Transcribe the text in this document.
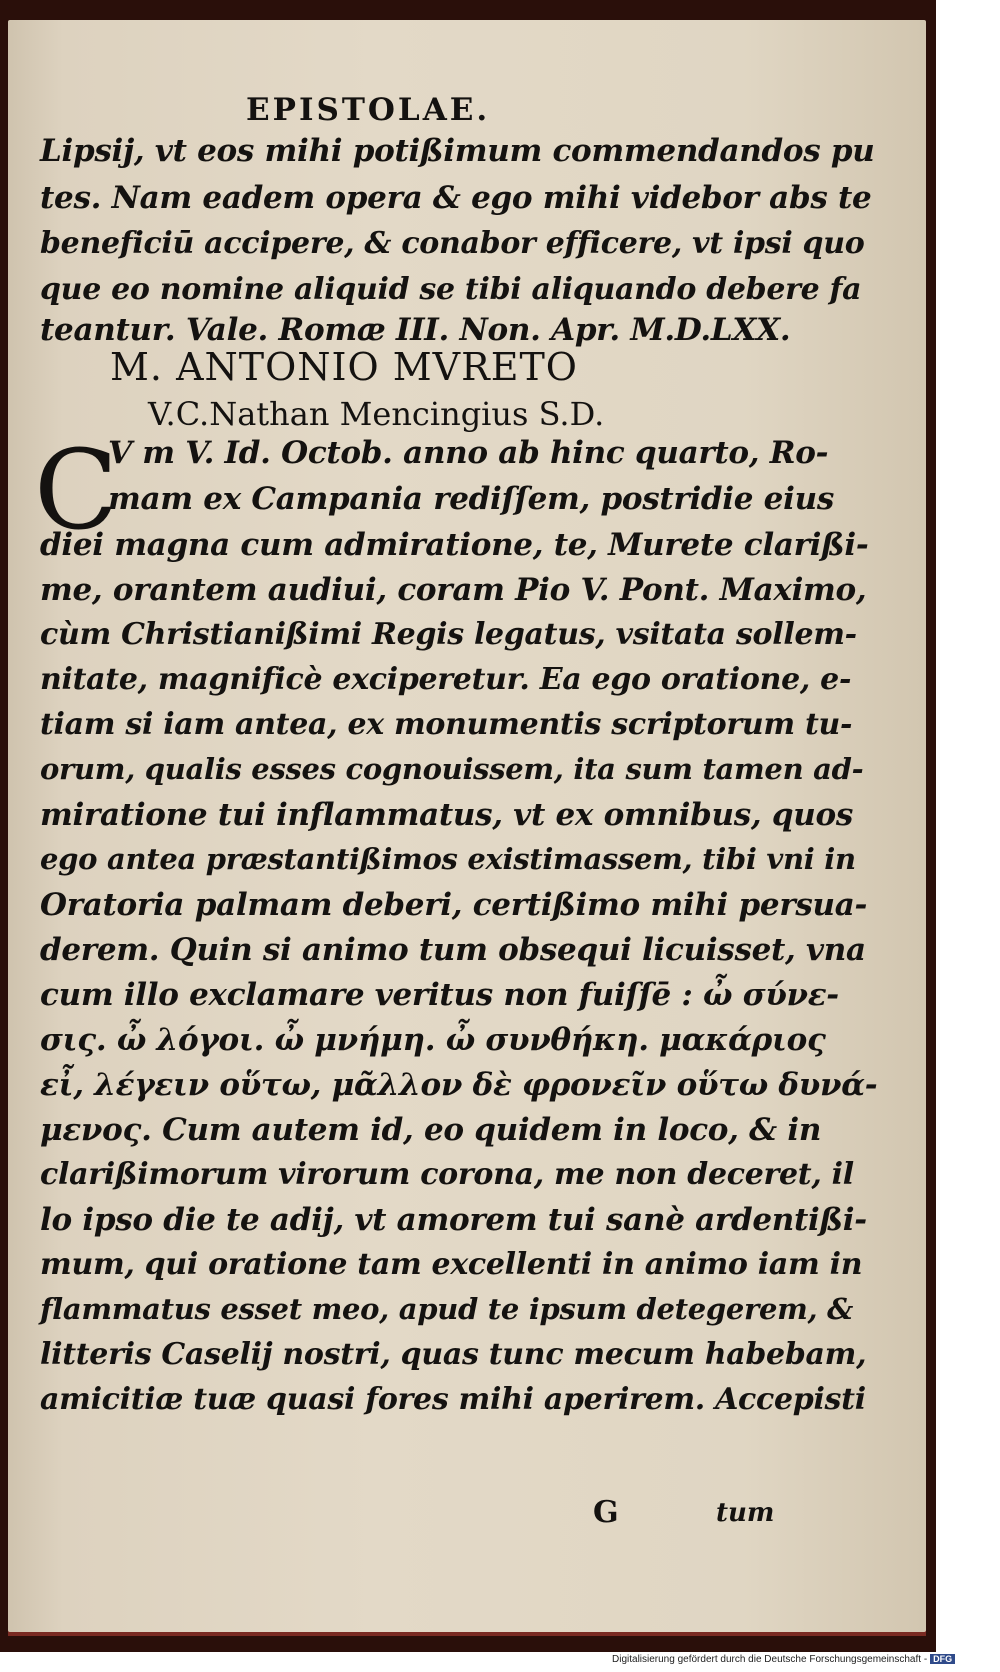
EPISTOLAE.
Lipsij, vt eos mihi potißimum commendandos pu
tes. Nam eadem opera & ego mihi videbor abs te
beneficiū accipere, & conabor efficere, vt ipsi quo
que eo nomine aliquid se tibi aliquando debere fa
teantur. Vale. Romæ III. Non. Apr. M.D.LXX.
M. ANTONIO MVRETO
V.C.Nathan Mencingius S.D.
C
V m V. Id. Octob. anno ab hinc quarto, Ro-
mam ex Campania rediſſem, postridie eius
diei magna cum admiratione, te, Murete clarißi-
me, orantem audiui, coram Pio V. Pont. Maximo,
cùm Christianißimi Regis legatus, vsitata sollem-
nitate, magnificè exciperetur. Ea ego oratione, e-
tiam si iam antea, ex monumentis scriptorum tu-
orum, qualis esses cognouissem, ita sum tamen ad-
miratione tui inflammatus, vt ex omnibus, quos
ego antea præstantißimos existimassem, tibi vni in
Oratoria palmam deberi, certißimo mihi persua-
derem. Quin si animo tum obsequi licuisset, vna
cum illo exclamare veritus non fuiſſē : ὦ σύνε-
σις. ὦ λόγοι. ὦ μνήμη. ὦ συνθήκη. μακάριος
εἶ, λέγειν οὕτω, μᾶλλον δὲ φρονεῖν οὕτω δυνά-
μενος. Cum autem id, eo quidem in loco, & in
clarißimorum virorum corona, me non deceret, il
lo ipso die te adij, vt amorem tui sanè ardentißi-
mum, qui oratione tam excellenti in animo iam in
flammatus esset meo, apud te ipsum detegerem, &
litteris Caselij nostri, quas tunc mecum habebam,
amicitiæ tuæ quasi fores mihi aperirem. Accepisti
G	tum
Digitalisierung gefördert durch die Deutsche Forschungsgemeinschaft - DFG
